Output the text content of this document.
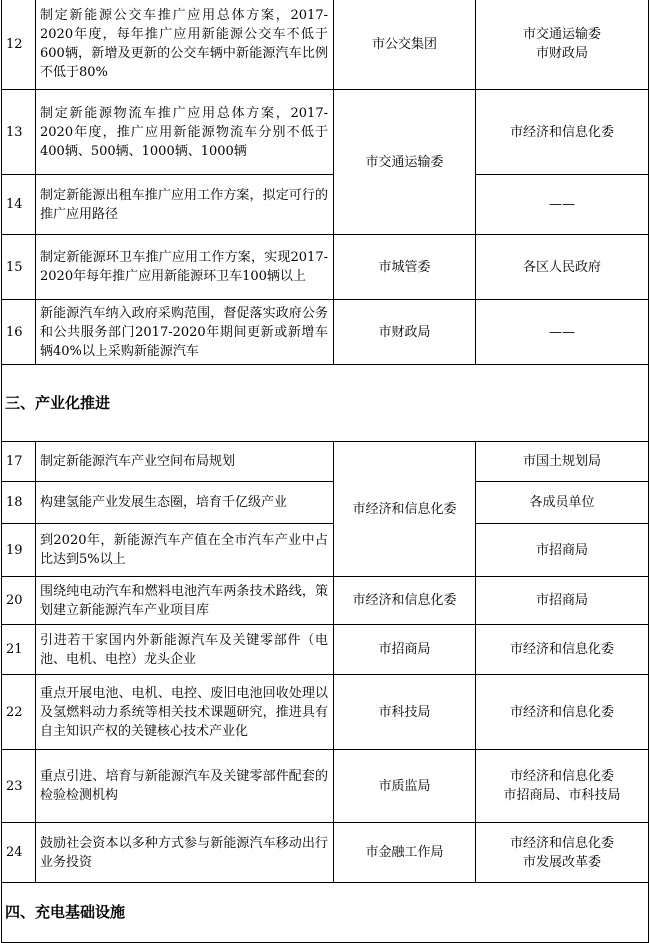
12	制定新能源公交车推广应用总体方案，2017-2020年度，每年推广应用新能源公交车不低于600辆，新增及更新的公交车辆中新能源汽车比例不低于80%	市公交集团	市交通运输委
市财政局

13	制定新能源物流车推广应用总体方案，2017-2020年度，推广应用新能源物流车分别不低于400辆、500辆、1000辆、1000辆	市交通运输委	市经济和信息化委
14	制定新能源出租车推广应用工作方案，拟定可行的推广应用路径		——
15	制定新能源环卫车推广应用工作方案，实现2017-2020年每年推广应用新能源环卫车100辆以上	市城管委	各区人民政府
16	新能源汽车纳入政府采购范围，督促落实政府公务和公共服务部门2017-2020年期间更新或新增车辆40%以上采购新能源汽车	市财政局	——
三、产业化推进			
17	制定新能源汽车产业空间布局规划	市经济和信息化委	市国土规划局
18	构建氢能产业发展生态圈，培育千亿级产业		各成员单位
19	到2020年，新能源汽车产值在全市汽车产业中占比达到5%以上		市招商局
20	围绕纯电动汽车和燃料电池汽车两条技术路线，策划建立新能源汽车产业项目库	市经济和信息化委	市招商局
21	引进若干家国内外新能源汽车及关键零部件（电池、电机、电控）龙头企业	市招商局	市经济和信息化委
22	重点开展电池、电机、电控、废旧电池回收处理以及氢燃料动力系统等相关技术课题研究，推进具有自主知识产权的关键核心技术产业化	市科技局	市经济和信息化委
23	重点引进、培育与新能源汽车及关键零部件配套的检验检测机构	市质监局	市经济和信息化委
市招商局、市科技局

24	鼓励社会资本以多种方式参与新能源汽车移动出行业务投资	市金融工作局	市经济和信息化委
市发展改革委

四、充电基础设施			
